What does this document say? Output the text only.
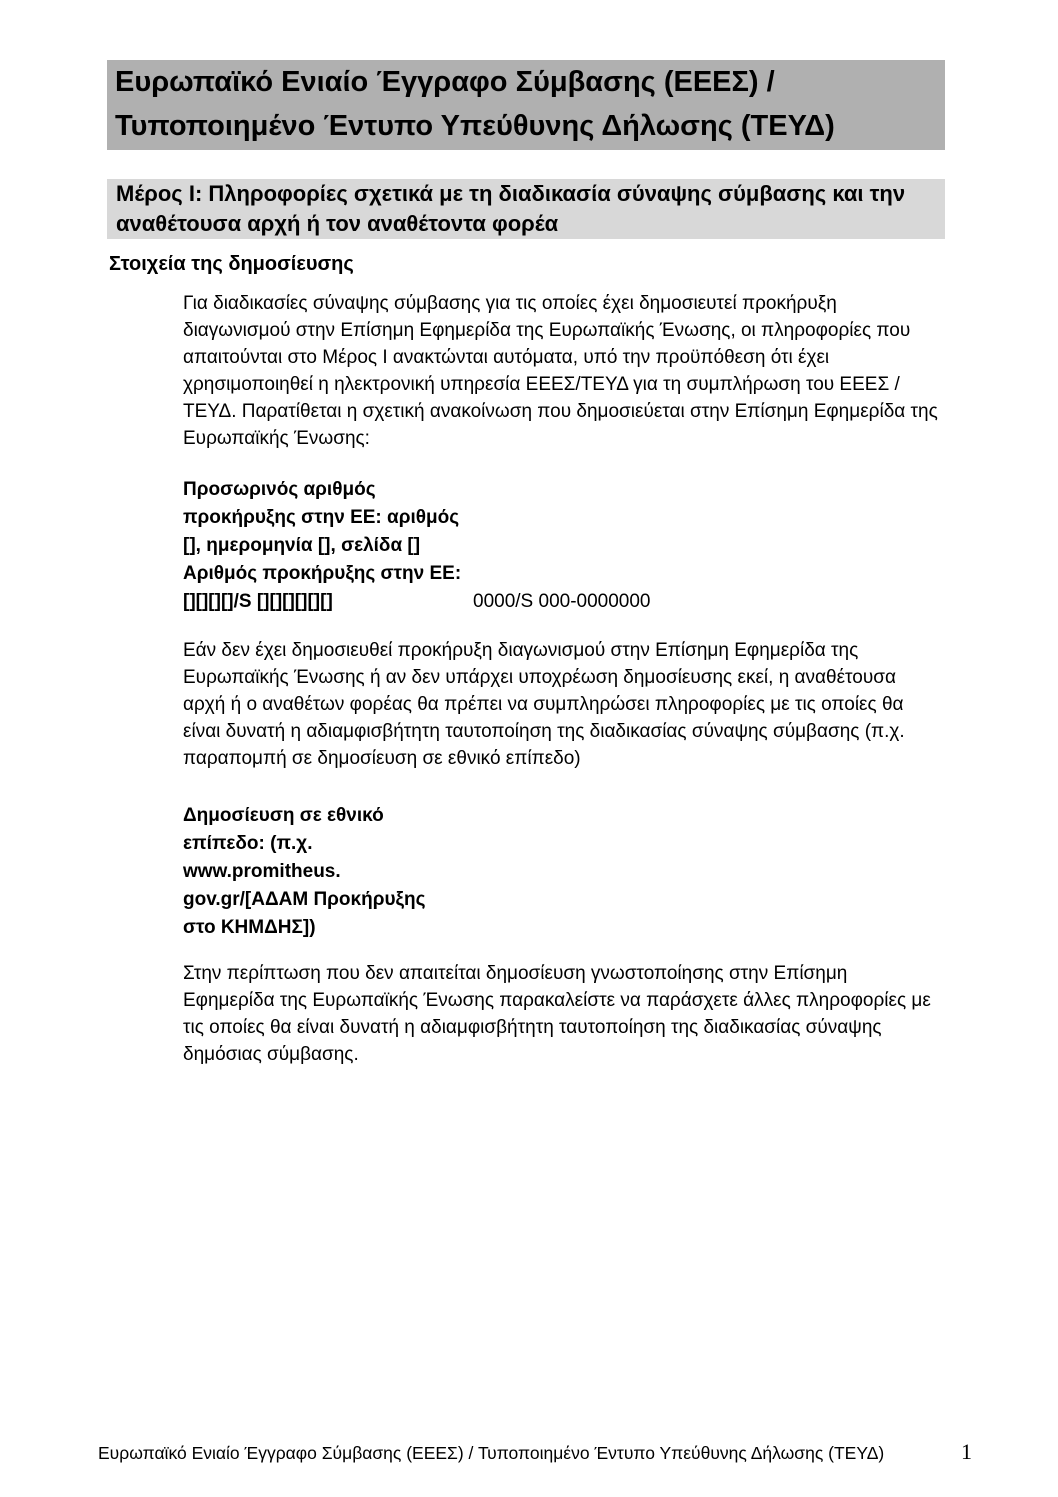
Ευρωπαϊκό Ενιαίο Έγγραφο Σύμβασης (ΕΕΕΣ) / Τυποποιημένο Έντυπο Υπεύθυνης Δήλωσης (ΤΕΥΔ)
Μέρος Ι: Πληροφορίες σχετικά με τη διαδικασία σύναψης σύμβασης και την αναθέτουσα αρχή ή τον αναθέτοντα φορέα
Στοιχεία της δημοσίευσης

Για διαδικασίες σύναψης σύμβασης για τις οποίες έχει δημοσιευτεί προκήρυξη διαγωνισμού στην Επίσημη Εφημερίδα της Ευρωπαϊκής Ένωσης, οι πληροφορίες που απαιτούνται στο Μέρος Ι ανακτώνται αυτόματα, υπό την προϋπόθεση ότι έχει χρησιμοποιηθεί η ηλεκτρονική υπηρεσία ΕΕΕΣ/ΤΕΥΔ για τη συμπλήρωση του ΕΕΕΣ /ΤΕΥΔ. Παρατίθεται η σχετική ανακοίνωση που δημοσιεύεται στην Επίσημη Εφημερίδα της Ευρωπαϊκής Ένωσης:

Προσωρινός αριθμός
προκήρυξης στην ΕΕ: αριθμός
[], ημερομηνία [], σελίδα []
Αριθμός προκήρυξης στην ΕΕ:
[][][][]/S [][][][][][]	0000/S 000-0000000

Εάν δεν έχει δημοσιευθεί προκήρυξη διαγωνισμού στην Επίσημη Εφημερίδα της Ευρωπαϊκής Ένωσης ή αν δεν υπάρχει υποχρέωση δημοσίευσης εκεί, η αναθέτουσα αρχή ή ο αναθέτων φορέας θα πρέπει να συμπληρώσει πληροφορίες με τις οποίες θα είναι δυνατή η αδιαμφισβήτητη ταυτοποίηση της διαδικασίας σύναψης σύμβασης (π.χ. παραπομπή σε δημοσίευση σε εθνικό επίπεδο)

Δημοσίευση σε εθνικό
επίπεδο: (π.χ. www.promitheus.
gov.gr/[ΑΔΑΜ Προκήρυξης
στο ΚΗΜΔΗΣ])

Στην περίπτωση που δεν απαιτείται δημοσίευση γνωστοποίησης στην Επίσημη Εφημερίδα της Ευρωπαϊκής Ένωσης παρακαλείστε να παράσχετε άλλες πληροφορίες με τις οποίες θα είναι δυνατή η αδιαμφισβήτητη ταυτοποίηση της διαδικασίας σύναψης δημόσιας σύμβασης.

Ευρωπαϊκό Ενιαίο Έγγραφο Σύμβασης (ΕΕΕΣ) / Τυποποιημένο Έντυπο Υπεύθυνης Δήλωσης (ΤΕΥΔ)	1
